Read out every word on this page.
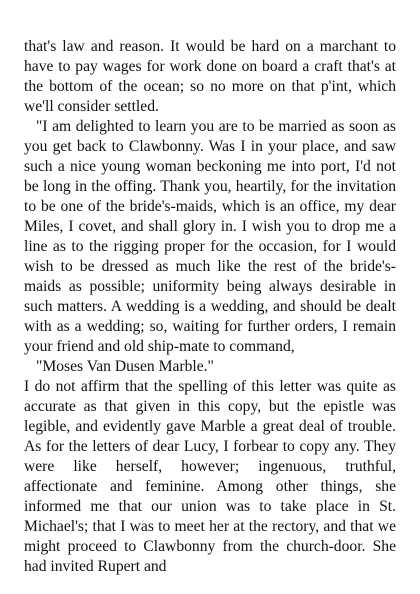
that's law and reason. It would be hard on a marchant to have to pay wages for work done on board a craft that's at the bottom of the ocean; so no more on that p'int, which we'll consider settled.

"I am delighted to learn you are to be married as soon as you get back to Clawbonny. Was I in your place, and saw such a nice young woman beckoning me into port, I'd not be long in the offing. Thank you, heartily, for the invitation to be one of the bride's-maids, which is an office, my dear Miles, I covet, and shall glory in. I wish you to drop me a line as to the rigging proper for the occasion, for I would wish to be dressed as much like the rest of the bride's-maids as possible; uniformity being always desirable in such matters. A wedding is a wedding, and should be dealt with as a wedding; so, waiting for further orders, I remain your friend and old ship-mate to command,

"Moses Van Dusen Marble."

I do not affirm that the spelling of this letter was quite as accurate as that given in this copy, but the epistle was legible, and evidently gave Marble a great deal of trouble. As for the letters of dear Lucy, I forbear to copy any. They were like herself, however; ingenuous, truthful, affectionate and feminine. Among other things, she informed me that our union was to take place in St. Michael's; that I was to meet her at the rectory, and that we might proceed to Clawbonny from the church-door. She had invited Rupert and
